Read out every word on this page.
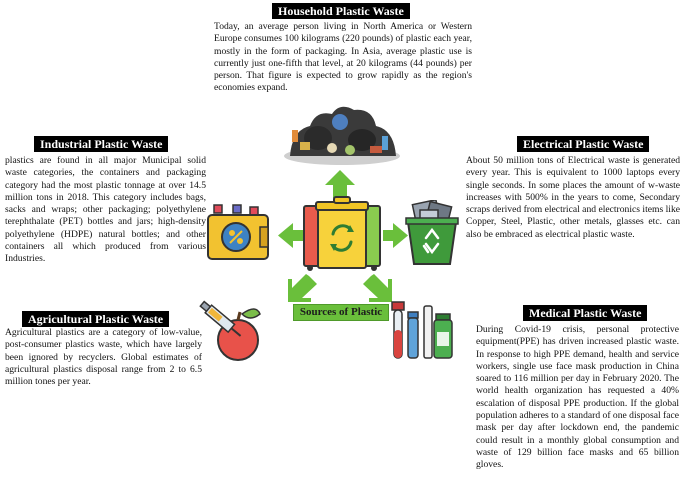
Household Plastic Waste
Today, an average person living in North America or Western Europe consumes 100 kilograms (220 pounds) of plastic each year, mostly in the form of packaging. In Asia, average plastic use is currently just one-fifth that level, at 20 kilograms (44 pounds) per person. That figure is expected to grow rapidly as the region's economies expand.
Industrial Plastic Waste
plastics are found in all major Municipal solid waste categories, the containers and packaging category had the most plastic tonnage at over 14.5 million tons in 2018. This category includes bags, sacks and wraps; other packaging; polyethylene terephthalate (PET) bottles and jars; high-density polyethylene (HDPE) natural bottles; and other containers all which produced from various Industries.
Electrical Plastic Waste
About 50 million tons of Electrical waste is generated every year. This is equivalent to 1000 laptops every single seconds. In some places the amount of w-waste increases with 500% in the years to come, Secondary scraps derived from electrical and electronics items like Copper, Steel, Plastic, other metals, glasses etc. can also be embraced as electrical plastic waste.
Agricultural Plastic Waste
Agricultural plastics are a category of low-value, post-consumer plastics waste, which have largely been ignored by recyclers. Global estimates of agricultural plastics disposal range from 2 to 6.5 million tones per year.
Medical Plastic Waste
During Covid-19 crisis, personal protective equipment(PPE) has driven increased plastic waste. In response to high PPE demand, health and service workers, single use face mask production in China soared to 116 million per day in February 2020. The world health organization has requested a 40% escalation of disposal PPE production. If the global population adheres to a standard of one disposal face mask per day after lockdown end, the pandemic could result in a monthly global consumption and waste of 129 billion face masks and 65 billion gloves.
Sources of Plastic
